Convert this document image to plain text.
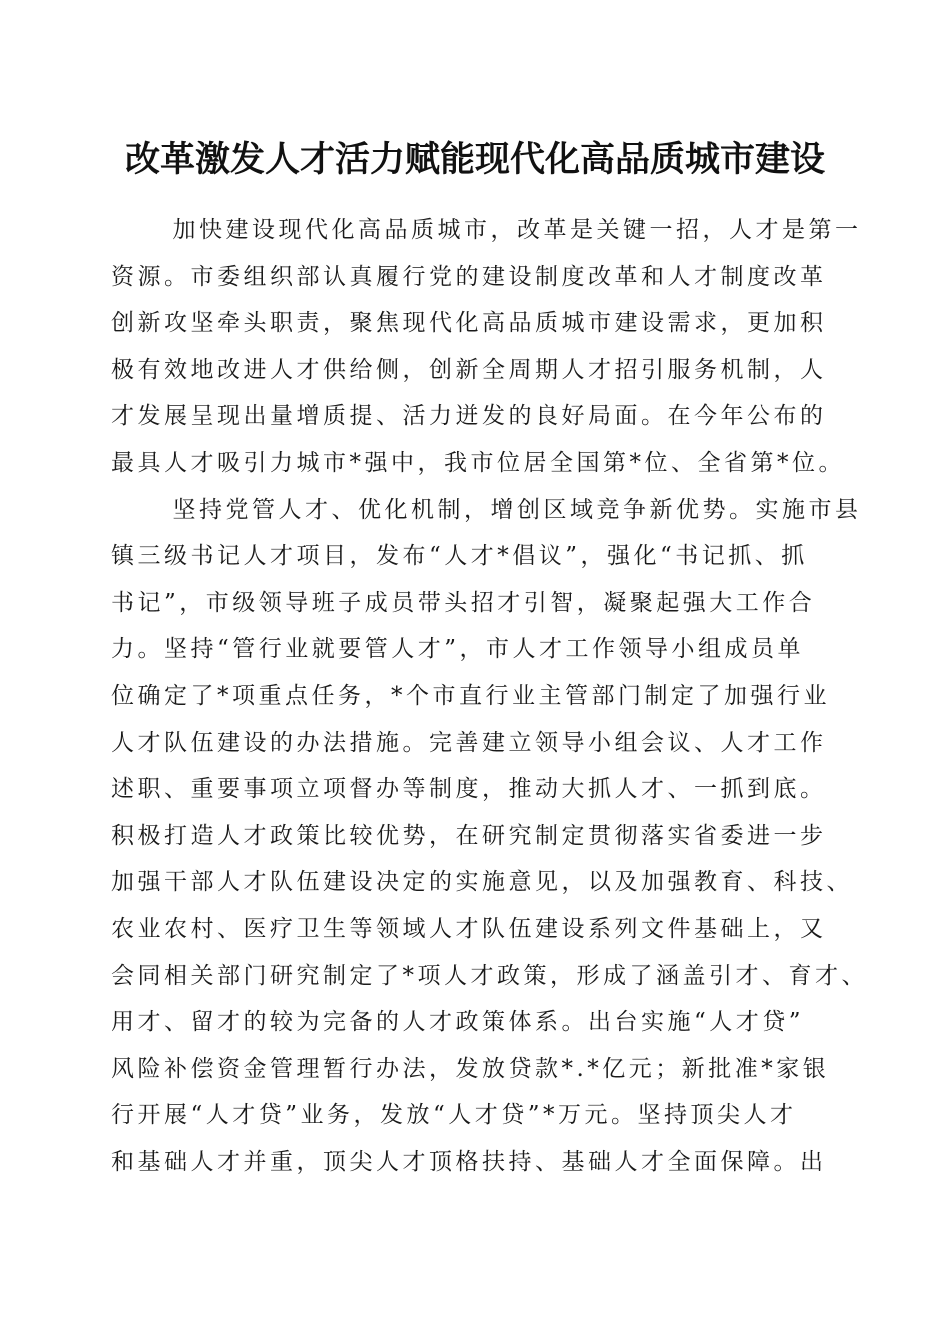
改革激发人才活力赋能现代化高品质城市建设
　加快建设现代化高品质城市，改革是关键一招，人才是第一
资源。市委组织部认真履行党的建设制度改革和人才制度改革
创新攻坚牵头职责，聚焦现代化高品质城市建设需求，更加积
极有效地改进人才供给侧，创新全周期人才招引服务机制，人
才发展呈现出量增质提、活力迸发的良好局面。在今年公布的
最具人才吸引力城市*强中，我市位居全国第*位、全省第*位。
　坚持党管人才、优化机制，增创区域竞争新优势。实施市县
镇三级书记人才项目，发布“人才*倡议”，强化“书记抓、抓
书记”，市级领导班子成员带头招才引智，凝聚起强大工作合
力。坚持“管行业就要管人才”，市人才工作领导小组成员单
位确定了*项重点任务，*个市直行业主管部门制定了加强行业
人才队伍建设的办法措施。完善建立领导小组会议、人才工作
述职、重要事项立项督办等制度，推动大抓人才、一抓到底。
积极打造人才政策比较优势，在研究制定贯彻落实省委进一步
加强干部人才队伍建设决定的实施意见，以及加强教育、科技、
农业农村、医疗卫生等领域人才队伍建设系列文件基础上，又
会同相关部门研究制定了*项人才政策，形成了涵盖引才、育才、
用才、留才的较为完备的人才政策体系。出台实施“人才贷”
风险补偿资金管理暂行办法，发放贷款*.*亿元；新批准*家银
行开展“人才贷”业务，发放“人才贷”*万元。坚持顶尖人才
和基础人才并重，顶尖人才顶格扶持、基础人才全面保障。出
